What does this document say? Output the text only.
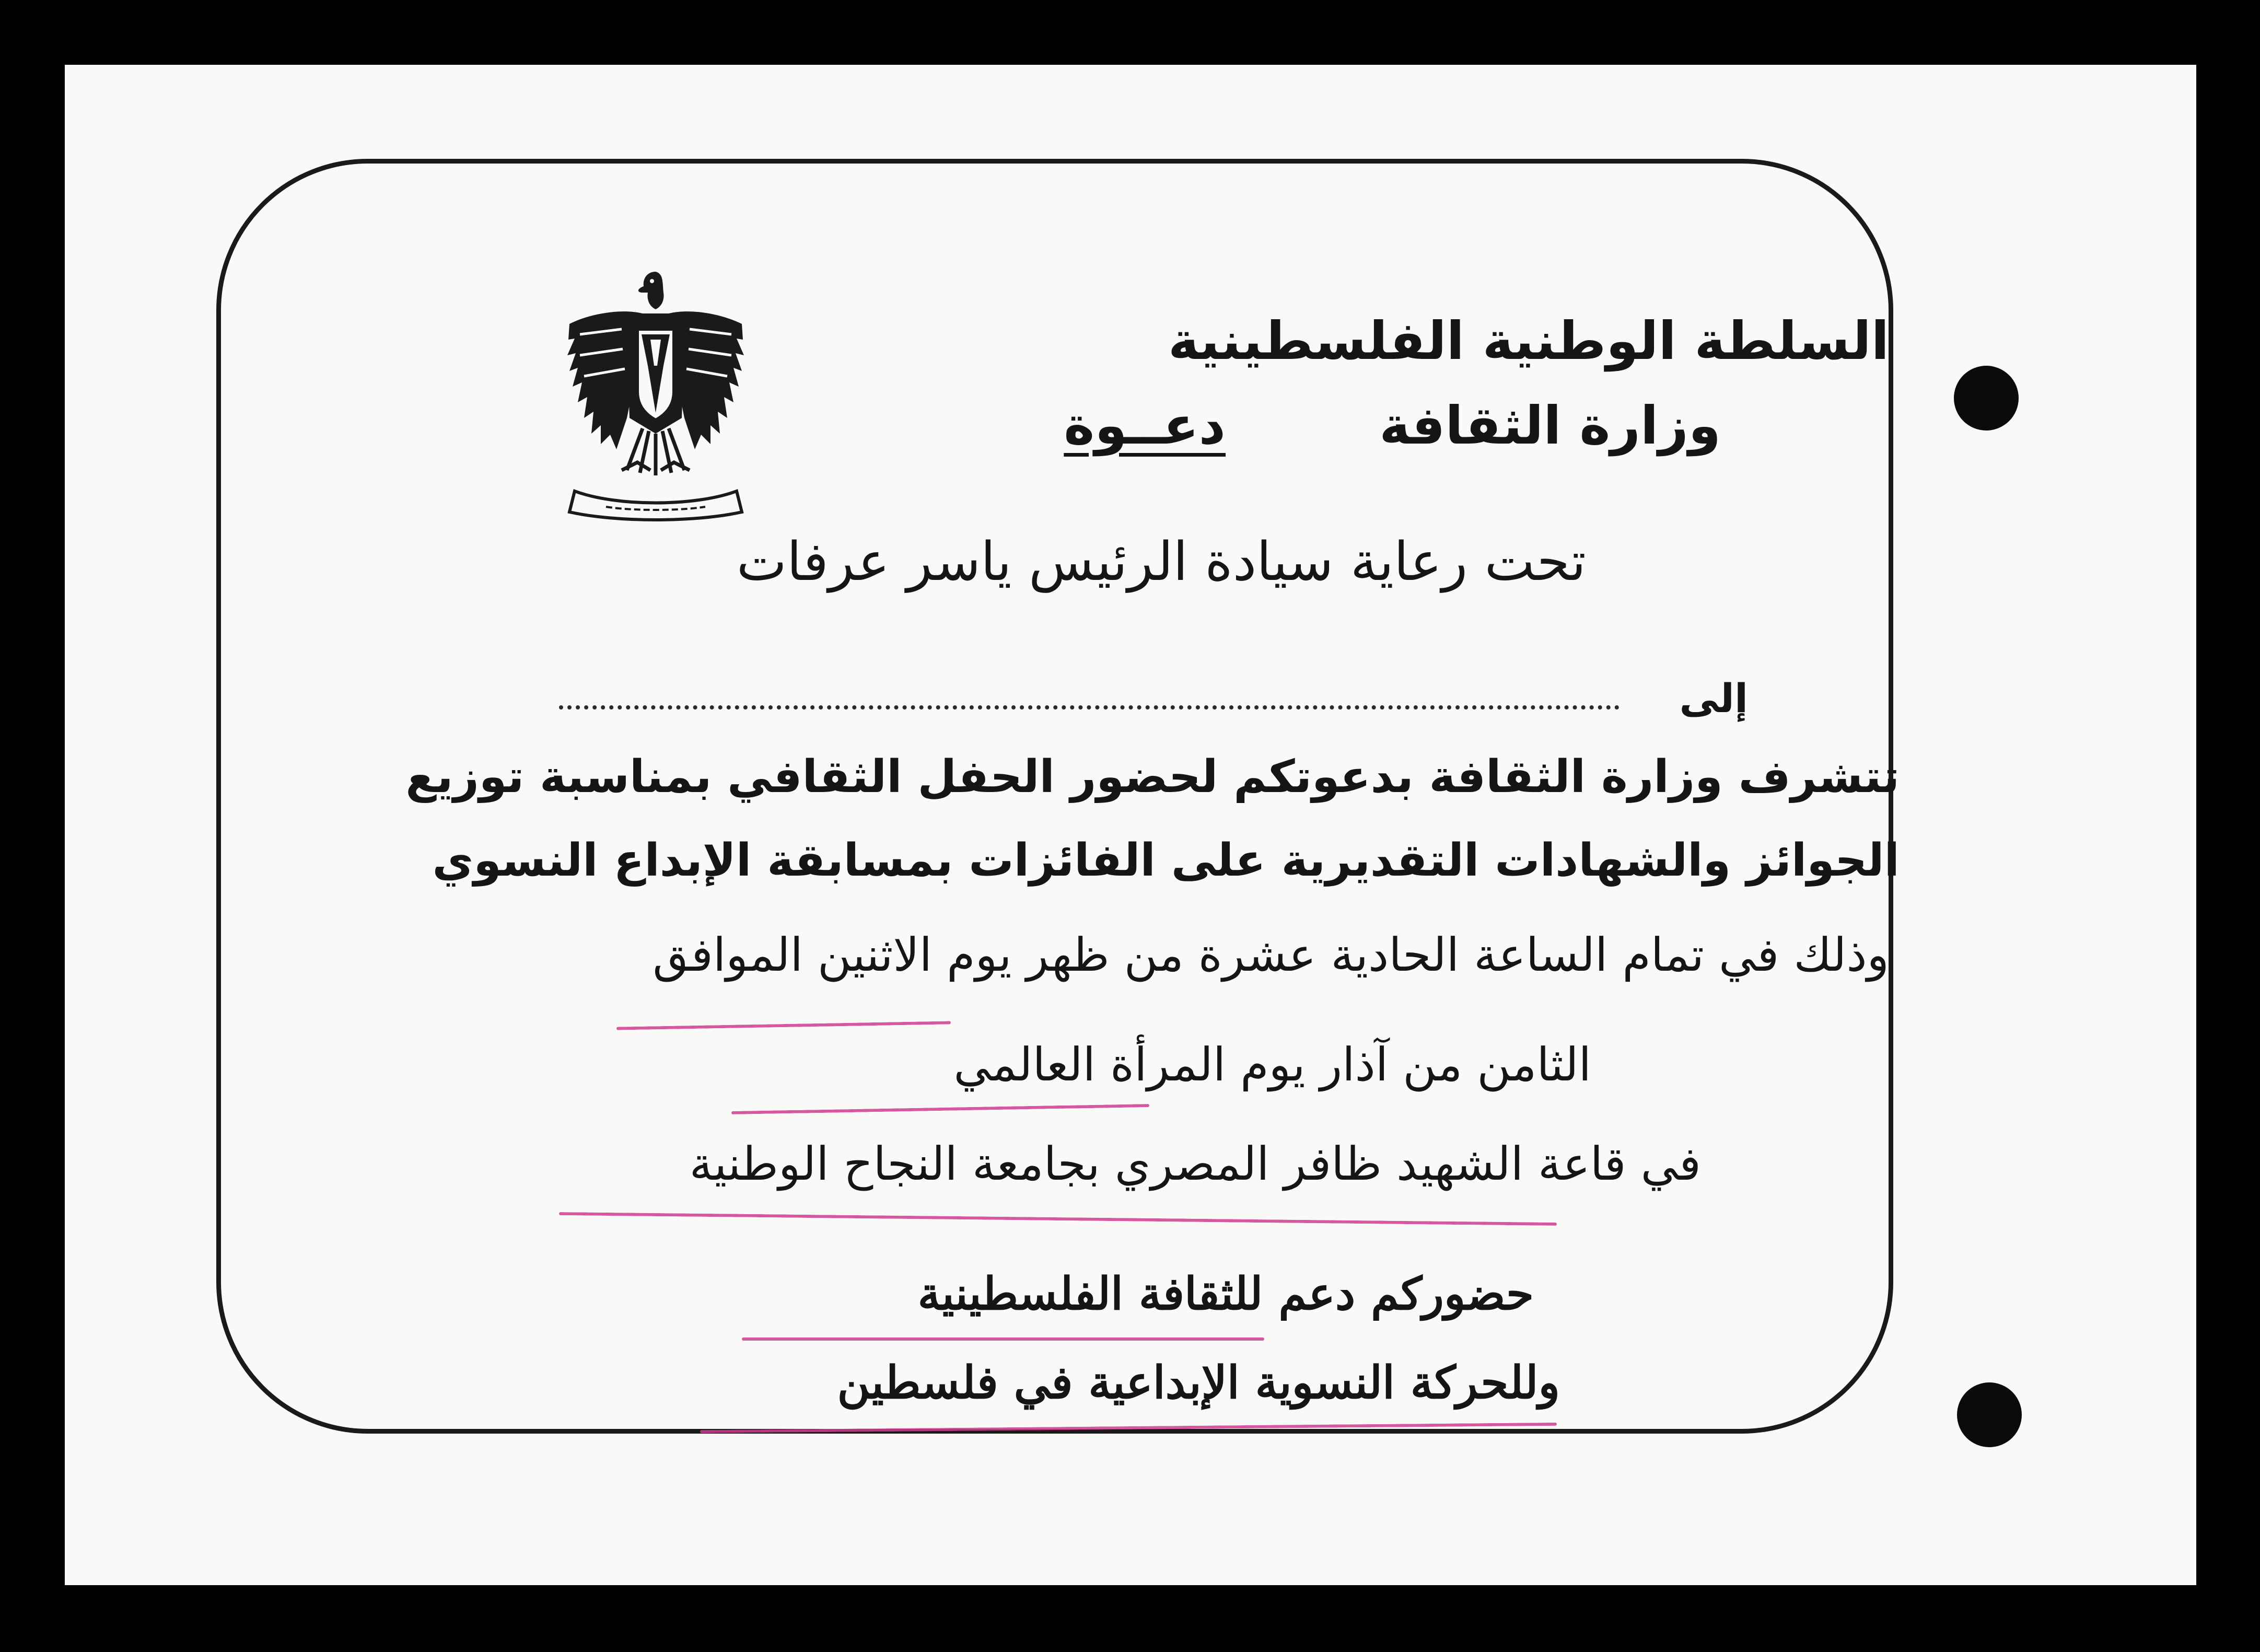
السلطة الوطنية الفلسطينية
وزارة الثقافة
دعــوة
تحت رعاية سيادة الرئيس ياسر عرفات
إلى
تتشرف وزارة الثقافة بدعوتكم لحضور الحفل الثقافي بمناسبة توزيع
الجوائز والشهادات التقديرية على الفائزات بمسابقة الإبداع النسوي
وذلك في تمام الساعة الحادية عشرة من ظهر يوم الاثنين الموافق
الثامن من آذار يوم المرأة العالمي
في قاعة الشهيد ظافر المصري بجامعة النجاح الوطنية
حضوركم دعم للثقافة الفلسطينية
وللحركة النسوية الإبداعية في فلسطين
